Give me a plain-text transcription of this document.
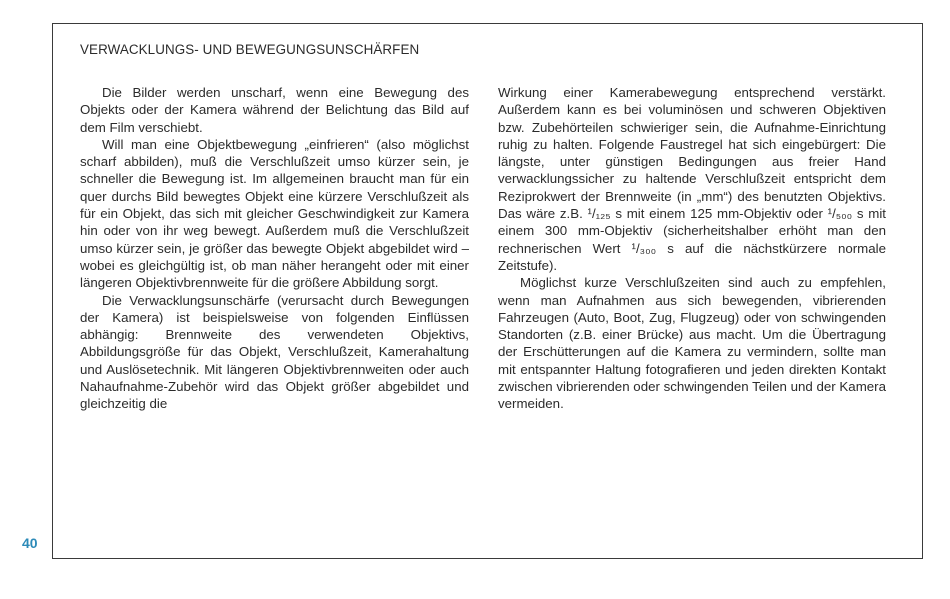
VERWACKLUNGS- UND BEWEGUNGSUNSCHÄRFEN

Die Bilder werden unscharf, wenn eine Bewegung des Objekts oder der Kamera während der Belichtung das Bild auf dem Film verschiebt.

Will man eine Objektbewegung „einfrieren“ (also möglichst scharf abbilden), muß die Verschlußzeit umso kürzer sein, je schneller die Bewegung ist. Im allgemeinen braucht man für ein quer durchs Bild bewegtes Objekt eine kürzere Verschlußzeit als für ein Objekt, das sich mit gleicher Geschwindigkeit zur Kamera hin oder von ihr weg bewegt. Außerdem muß die Verschlußzeit umso kürzer sein, je größer das bewegte Objekt abgebildet wird – wobei es gleichgültig ist, ob man näher herangeht oder mit einer längeren Objektivbrennweite für die größere Abbildung sorgt.

Die Verwacklungsunschärfe (verursacht durch Bewegungen der Kamera) ist beispielsweise von folgenden Einflüssen abhängig: Brennweite des verwendeten Objektivs, Abbildungsgröße für das Objekt, Verschlußzeit, Kamerahaltung und Auslösetechnik. Mit längeren Objektivbrennweiten oder auch Nahaufnahme-Zubehör wird das Objekt größer abgebildet und gleichzeitig die

Wirkung einer Kamerabewegung entsprechend verstärkt. Außerdem kann es bei voluminösen und schweren Objektiven bzw. Zubehörteilen schwieriger sein, die Aufnahme-Einrichtung ruhig zu halten. Folgende Faustregel hat sich eingebürgert: Die längste, unter günstigen Bedingungen aus freier Hand verwacklungssicher zu haltende Verschlußzeit entspricht dem Reziprokwert der Brennweite (in „mm“) des benutzten Objektivs. Das wäre z.B. ¹/₁₂₅ s mit einem 125 mm-Objektiv oder ¹/₅₀₀ s mit einem 300 mm-Objektiv (sicherheitshalber erhöht man den rechnerischen Wert ¹/₃₀₀ s auf die nächstkürzere normale Zeitstufe).

Möglichst kurze Verschlußzeiten sind auch zu empfehlen, wenn man Aufnahmen aus sich bewegenden, vibrierenden Fahrzeugen (Auto, Boot, Zug, Flugzeug) oder von schwingenden Standorten (z.B. einer Brücke) aus macht. Um die Übertragung der Erschütterungen auf die Kamera zu vermindern, sollte man mit entspannter Haltung fotografieren und jeden direkten Kontakt zwischen vibrierenden oder schwingenden Teilen und der Kamera vermeiden.

40
